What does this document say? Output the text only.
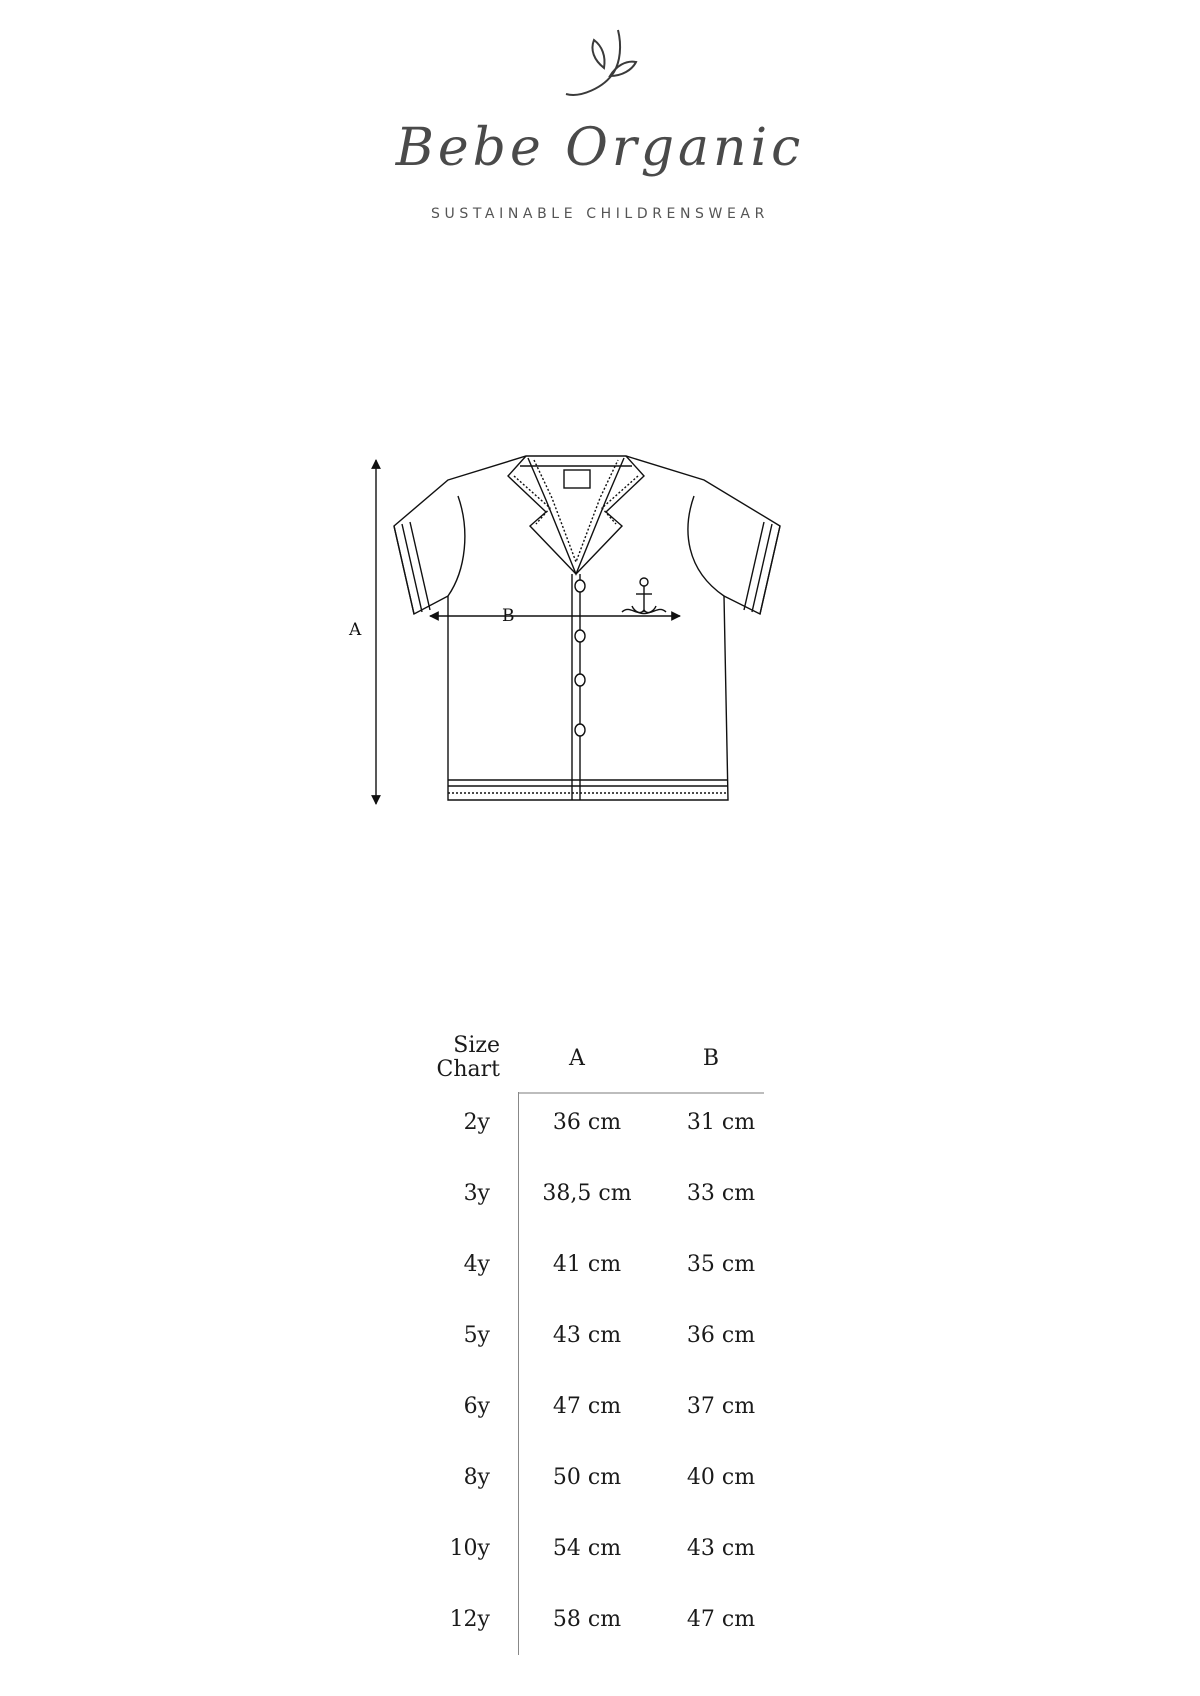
Bebe Organic
SUSTAINABLE CHILDRENSWEAR
A
B
Size
Chart	A	B
2y	36 cm	31 cm
3y	38,5 cm	33 cm
4y	41 cm	35 cm
5y	43 cm	36 cm
6y	47 cm	37 cm
8y	50 cm	40 cm
10y	54 cm	43 cm
12y	58 cm	47 cm
